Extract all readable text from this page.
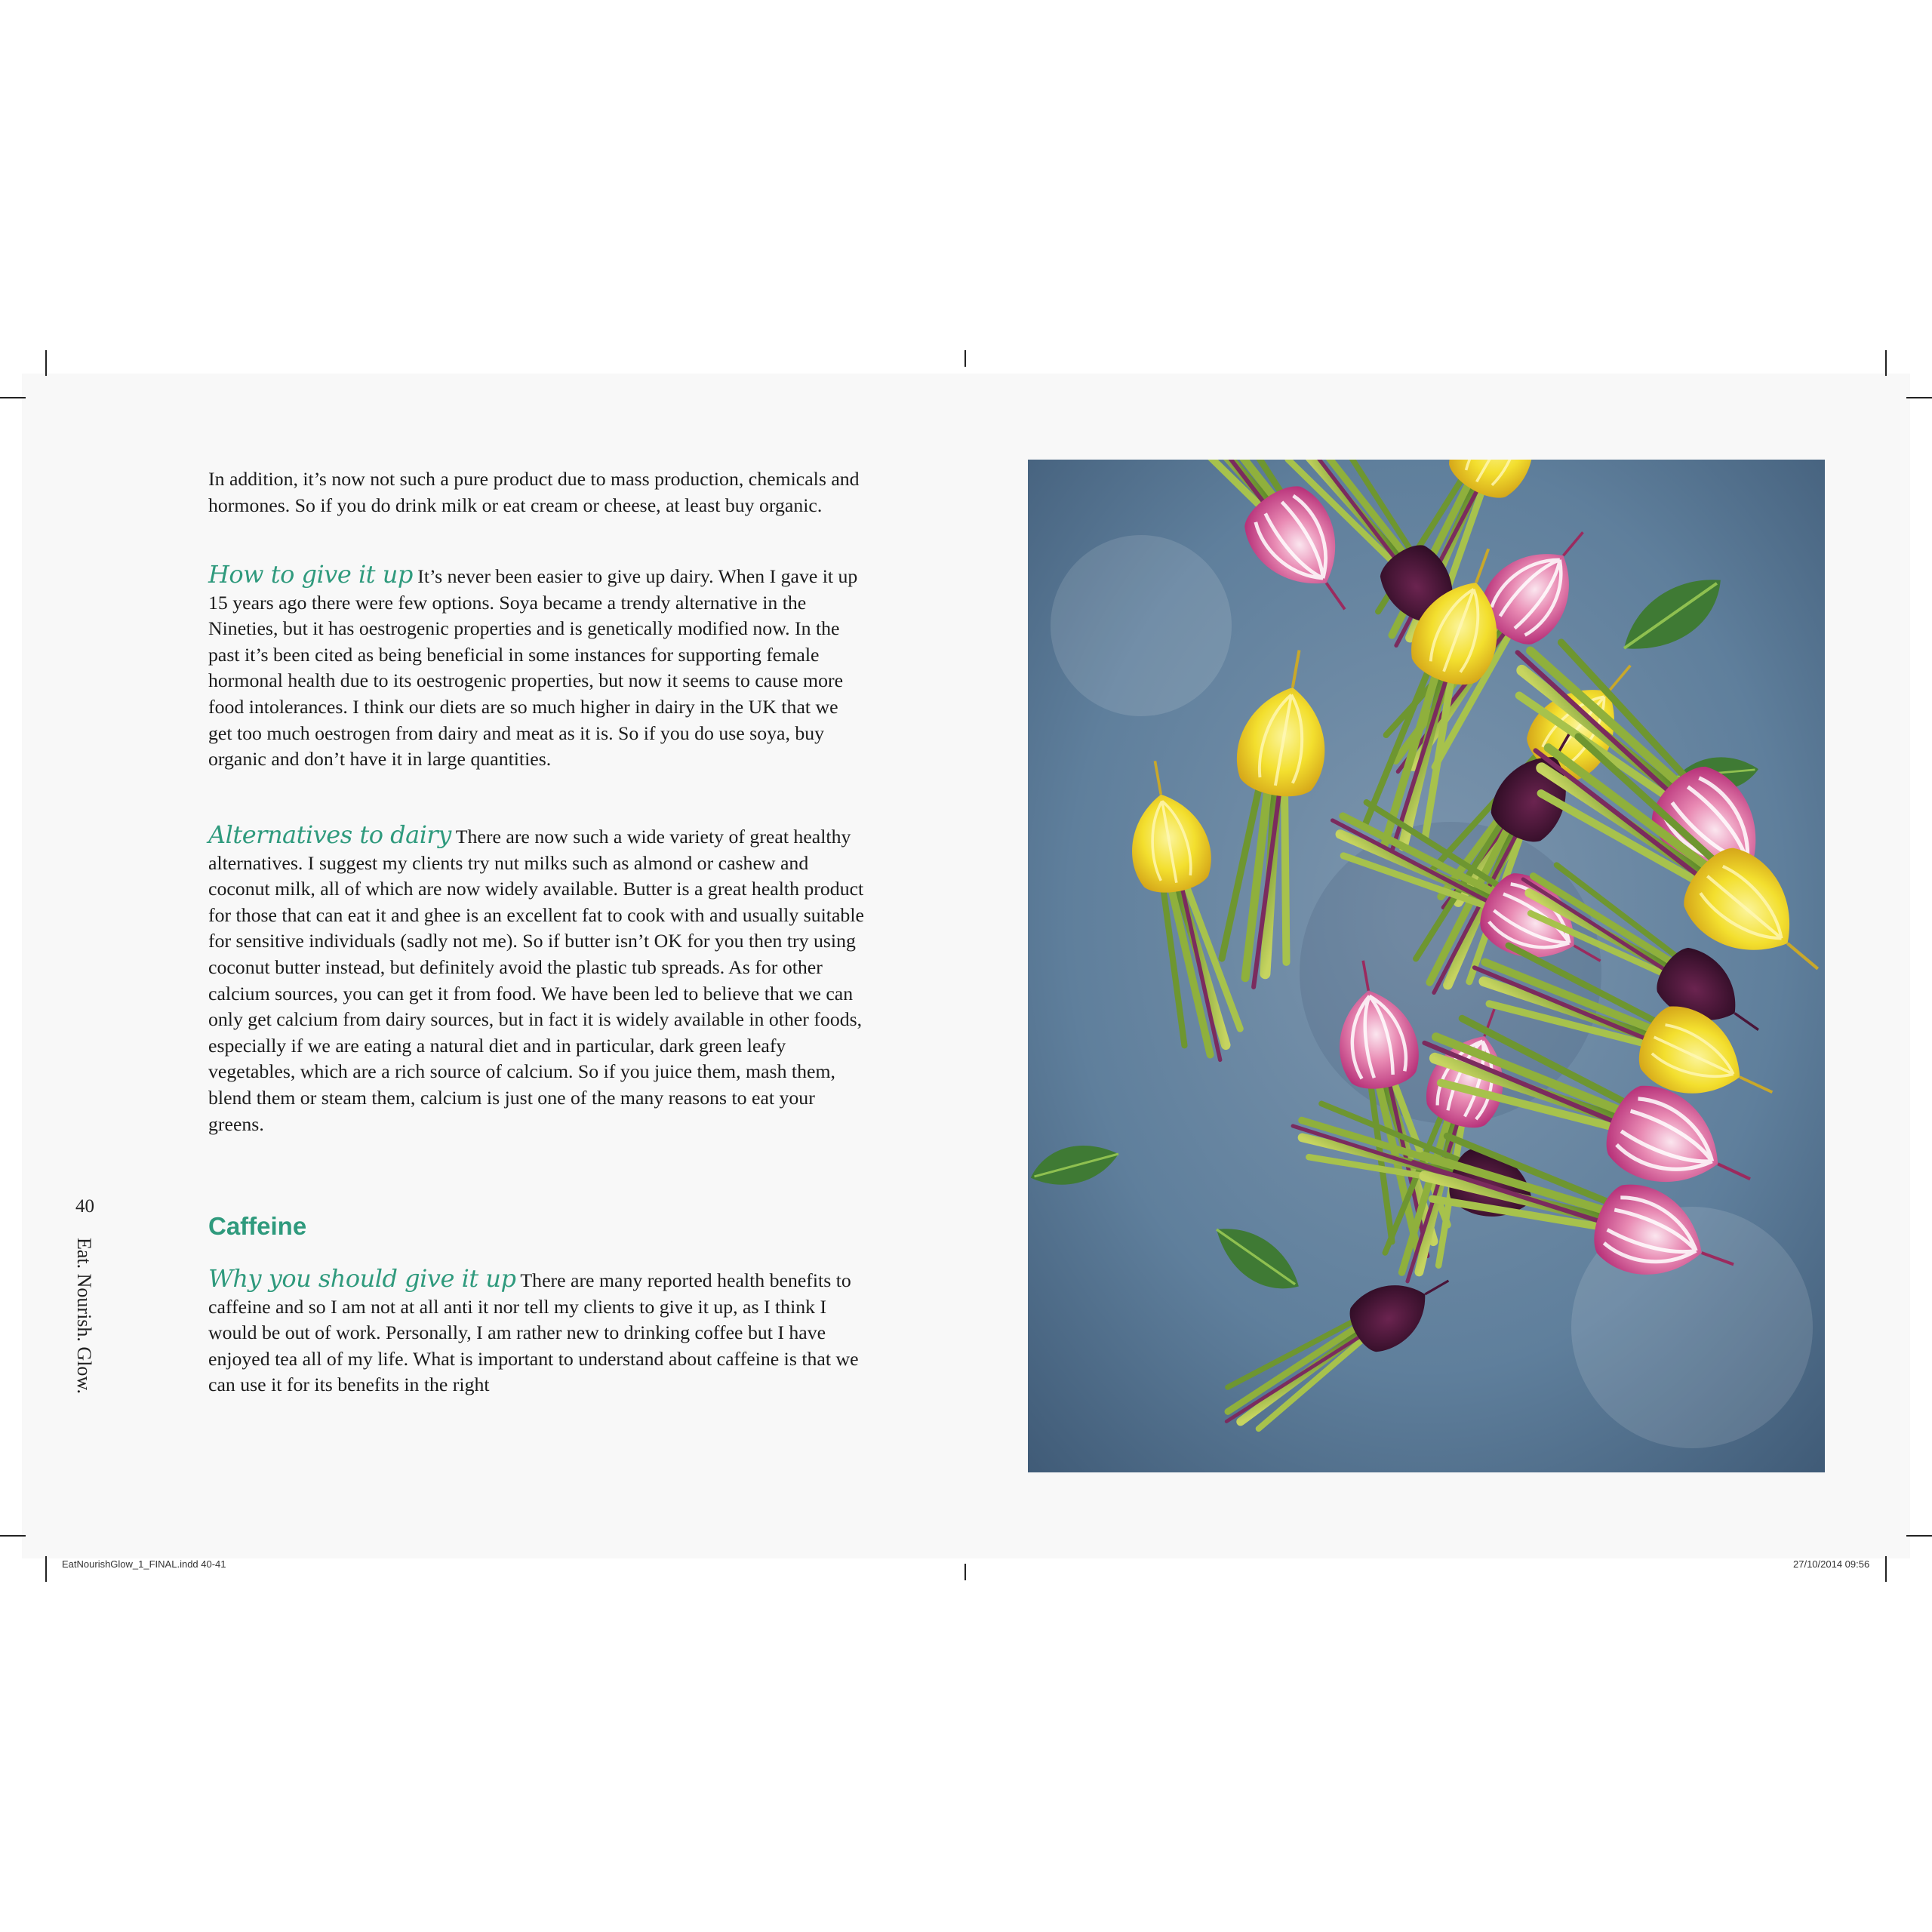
EatNourishGlow_1_FINAL.indd 40-41	27/10/2014 09:56

In addition, it’s now not such a pure product due to mass production, chemicals and hormones. So if you do drink milk or eat cream or cheese, at least buy organic.

How to give it up It’s never been easier to give up dairy. When I gave it up 15 years ago there were few options. Soya became a trendy alternative in the Nineties, but it has oestrogenic properties and is genetically modified now. In the past it’s been cited as being beneficial in some instances for supporting female hormonal health due to its oestrogenic properties, but now it seems to cause more food intolerances. I think our diets are so much higher in dairy in the UK that we get too much oestrogen from dairy and meat as it is. So if you do use soya, buy organic and don’t have it in large quantities.

Alternatives to dairy There are now such a wide variety of great healthy alternatives. I suggest my clients try nut milks such as almond or cashew and coconut milk, all of which are now widely available. Butter is a great health product for those that can eat it and ghee is an excellent fat to cook with and usually suitable for sensitive individuals (sadly not me). So if butter isn’t OK for you then try using coconut butter instead, but definitely avoid the plastic tub spreads. As for other calcium sources, you can get it from food. We have been led to believe that we can only get calcium from dairy sources, but in fact it is widely available in other foods, especially if we are eating a natural diet and in particular, dark green leafy vegetables, which are a rich source of calcium. So if you juice them, mash them, blend them or steam them, calcium is just one of the many reasons to eat your greens.

Caffeine

Why you should give it up There are many reported health benefits to caffeine and so I am not at all anti it nor tell my clients to give it up, as I think I would be out of work. Personally, I am rather new to drinking coffee but I have enjoyed tea all of my life. What is important to understand about caffeine is that we can use it for its benefits in the right

40
Eat. Nourish. Glow.
